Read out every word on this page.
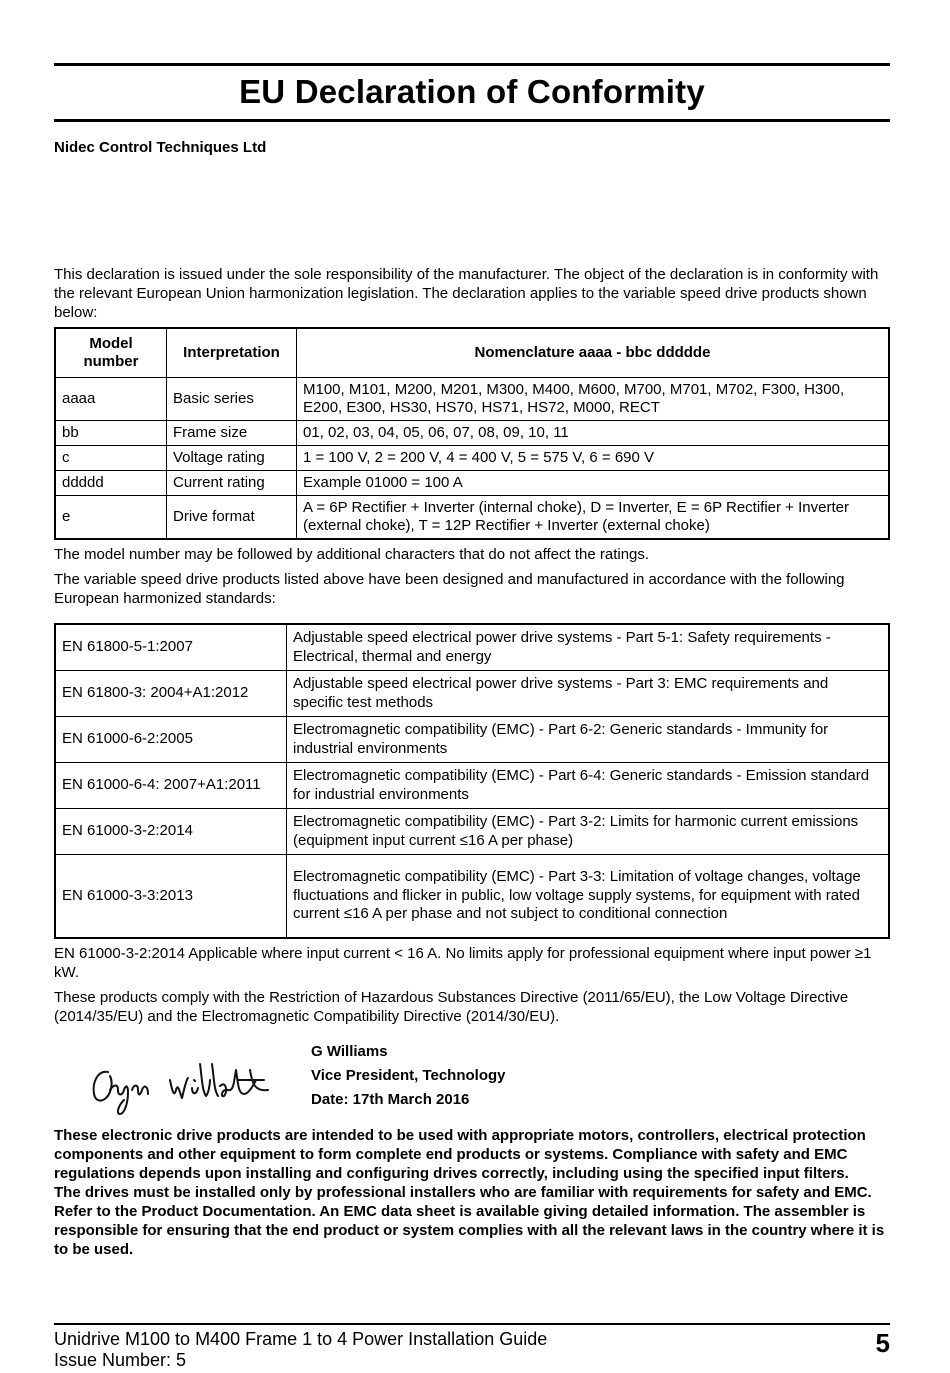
EU Declaration of Conformity
Nidec Control Techniques Ltd

This declaration is issued under the sole responsibility of the manufacturer. The object of the declaration is in conformity with the relevant European Union harmonization legislation. The declaration applies to the variable speed drive products shown below:

Model number	Interpretation	Nomenclature aaaa - bbc ddddde
aaaa	Basic series	M100, M101, M200, M201, M300, M400, M600, M700, M701, M702, F300, H300, E200, E300, HS30, HS70, HS71, HS72, M000, RECT
bb	Frame size	01, 02, 03, 04, 05, 06, 07, 08, 09, 10, 11
c	Voltage rating	1 = 100 V, 2 = 200 V, 4 = 400 V, 5 = 575 V, 6 = 690 V
ddddd	Current rating	Example 01000 = 100 A
e	Drive format	A = 6P Rectifier + Inverter (internal choke), D = Inverter, E = 6P Rectifier + Inverter (external choke), T = 12P Rectifier + Inverter (external choke)

The model number may be followed by additional characters that do not affect the ratings.

The variable speed drive products listed above have been designed and manufactured in accordance with the following European harmonized standards:

EN 61800-5-1:2007	Adjustable speed electrical power drive systems - Part 5-1: Safety requirements - Electrical, thermal and energy
EN 61800-3: 2004+A1:2012	Adjustable speed electrical power drive systems - Part 3: EMC requirements and specific test methods
EN 61000-6-2:2005	Electromagnetic compatibility (EMC) - Part 6-2: Generic standards - Immunity for industrial environments
EN 61000-6-4: 2007+A1:2011	Electromagnetic compatibility (EMC) - Part 6-4: Generic standards - Emission standard for industrial environments
EN 61000-3-2:2014	Electromagnetic compatibility (EMC) - Part 3-2: Limits for harmonic current emissions (equipment input current ≤16 A per phase)
EN 61000-3-3:2013	Electromagnetic compatibility (EMC) - Part 3-3: Limitation of voltage changes, voltage fluctuations and flicker in public, low voltage supply systems, for equipment with rated current ≤16 A per phase and not subject to conditional connection

EN 61000-3-2:2014 Applicable where input current < 16 A. No limits apply for professional equipment where input power ≥1 kW.

These products comply with the Restriction of Hazardous Substances Directive (2011/65/EU), the Low Voltage Directive (2014/35/EU) and the Electromagnetic Compatibility Directive (2014/30/EU).

G Williams
Vice President, Technology
Date: 17th March 2016

These electronic drive products are intended to be used with appropriate motors, controllers, electrical protection components and other equipment to form complete end products or systems. Compliance with safety and EMC regulations depends upon installing and configuring drives correctly, including using the specified input filters.

The drives must be installed only by professional installers who are familiar with requirements for safety and EMC. Refer to the Product Documentation. An EMC data sheet is available giving detailed information. The assembler is responsible for ensuring that the end product or system complies with all the relevant laws in the country where it is to be used.

Unidrive M100 to M400 Frame 1 to 4 Power Installation Guide
Issue Number: 5
5
